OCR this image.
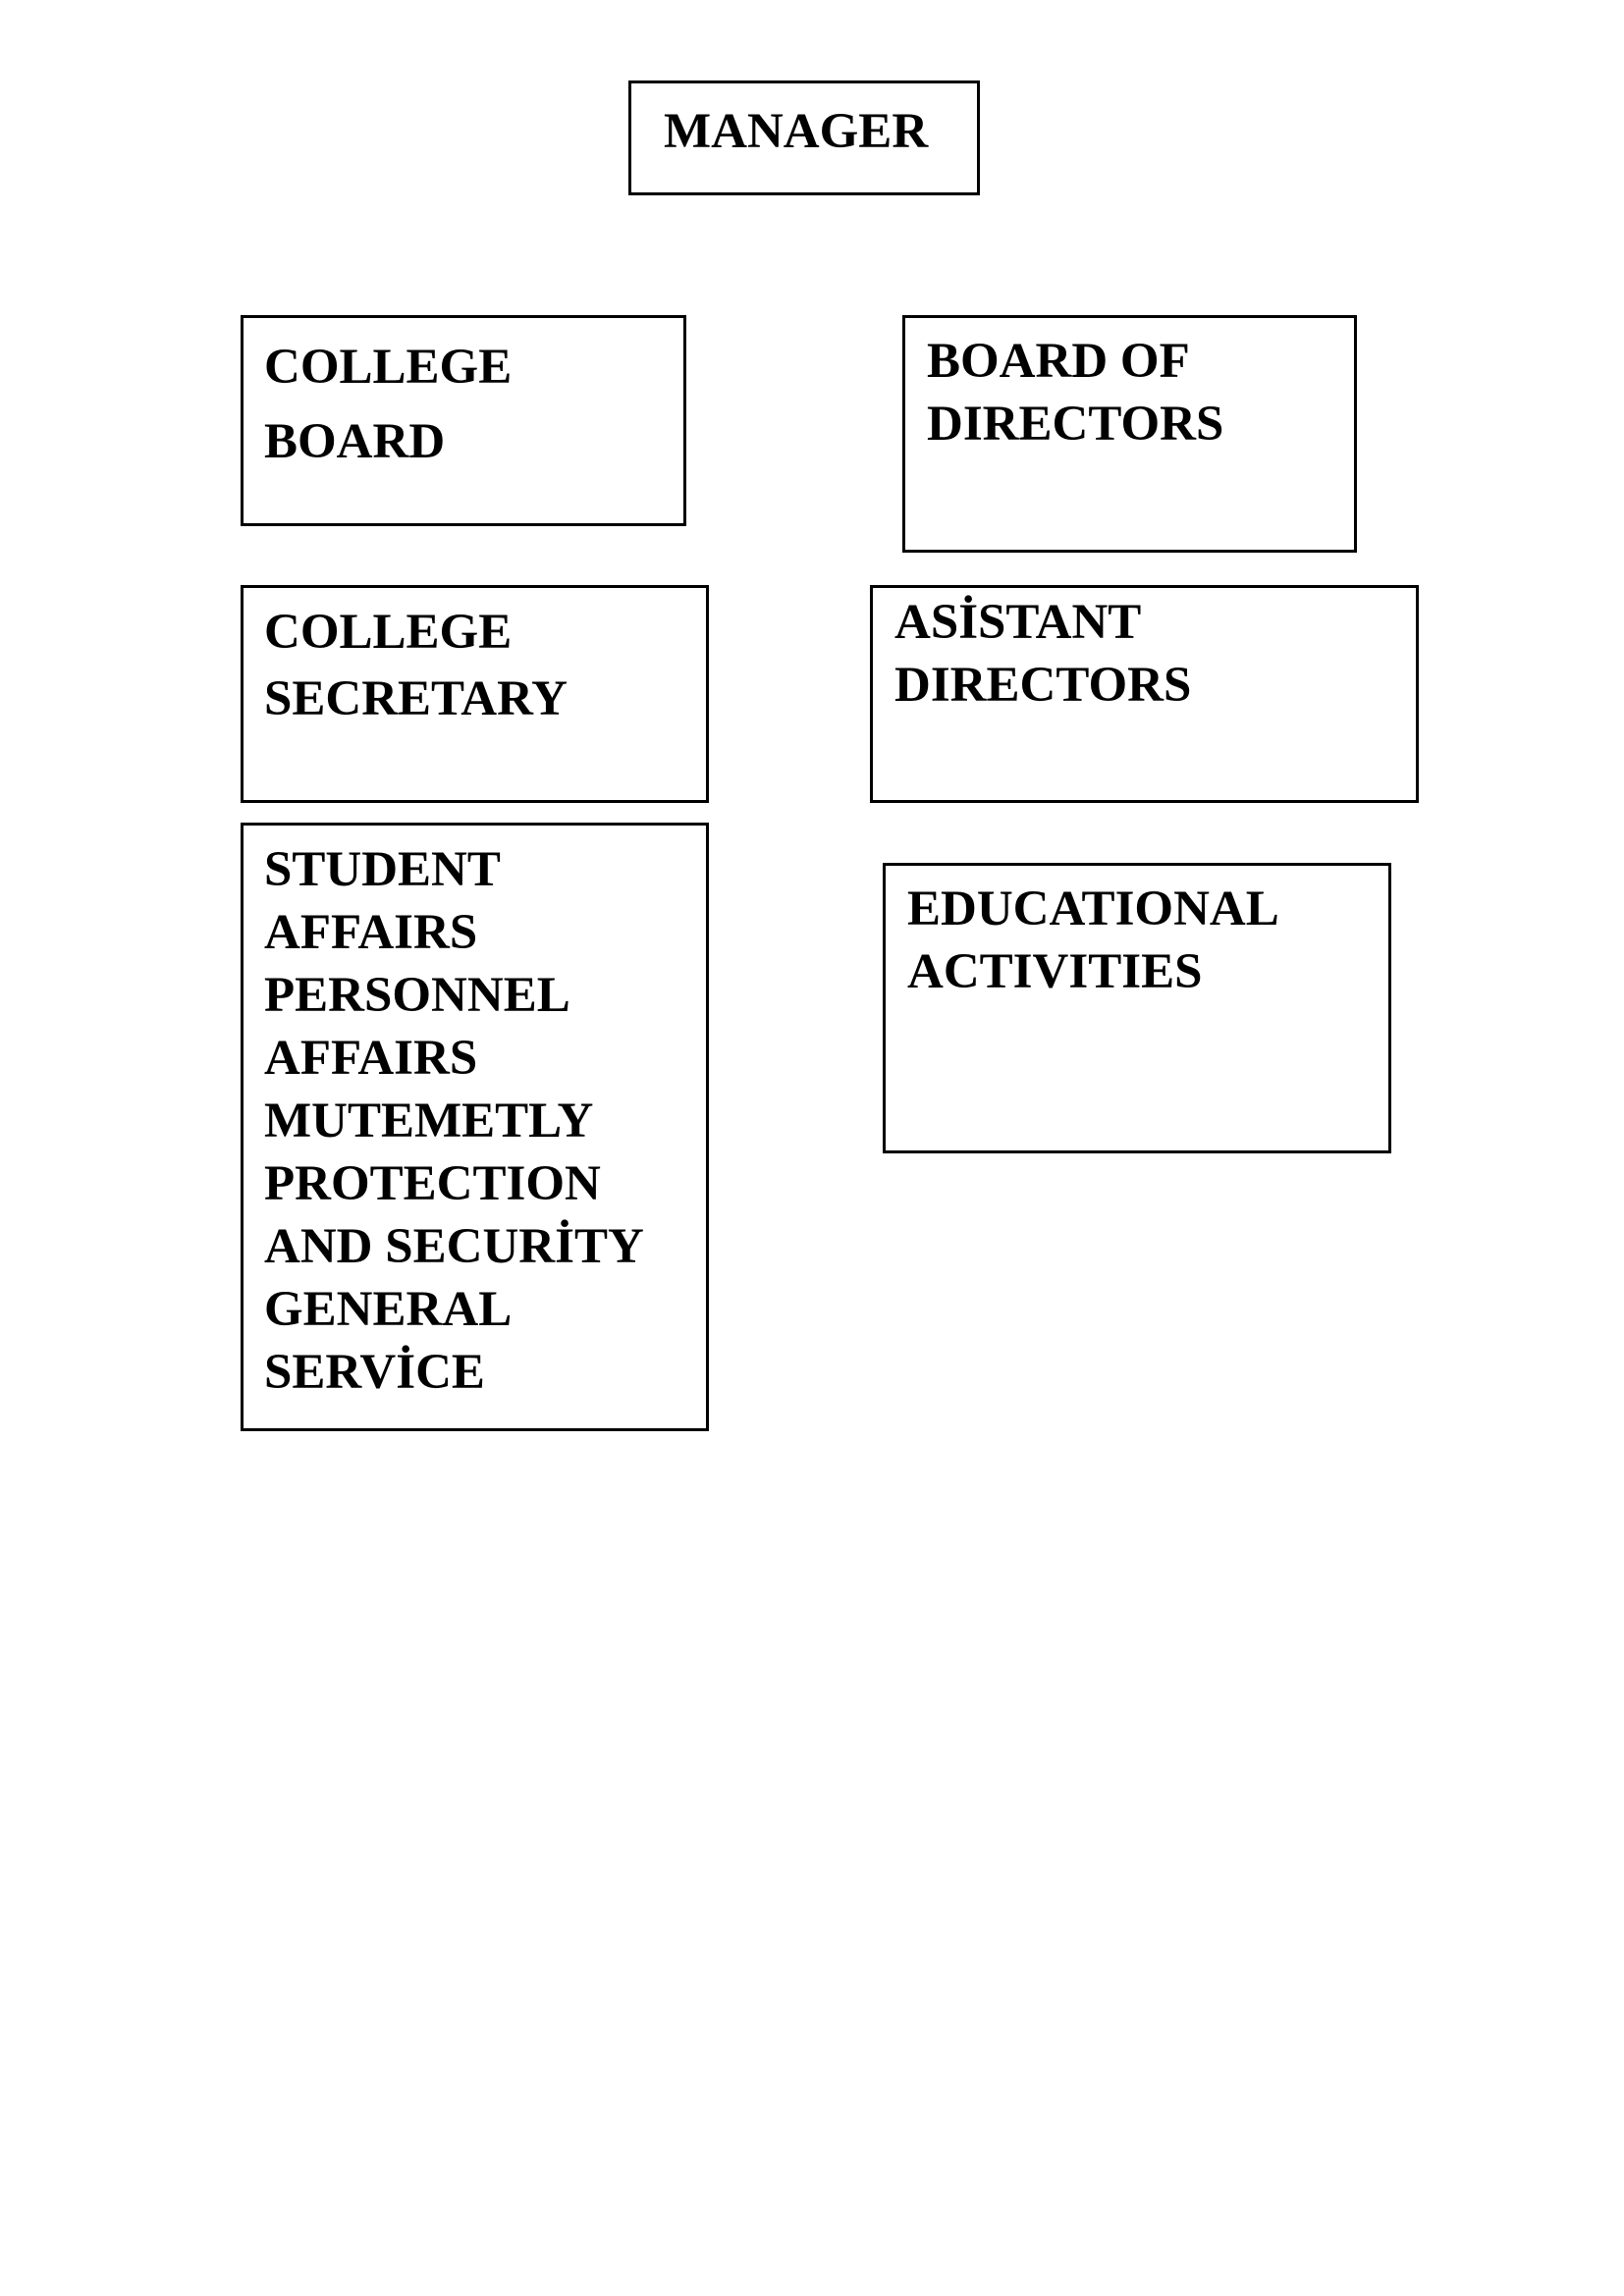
MANAGER
COLLEGE
BOARD
BOARD OF
DIRECTORS
COLLEGE
SECRETARY
ASİSTANT
DIRECTORS
STUDENT
AFFAIRS
PERSONNEL
AFFAIRS
MUTEMETLY
PROTECTION
AND SECURİTY
GENERAL
SERVİCE
EDUCATIONAL
ACTIVITIES
